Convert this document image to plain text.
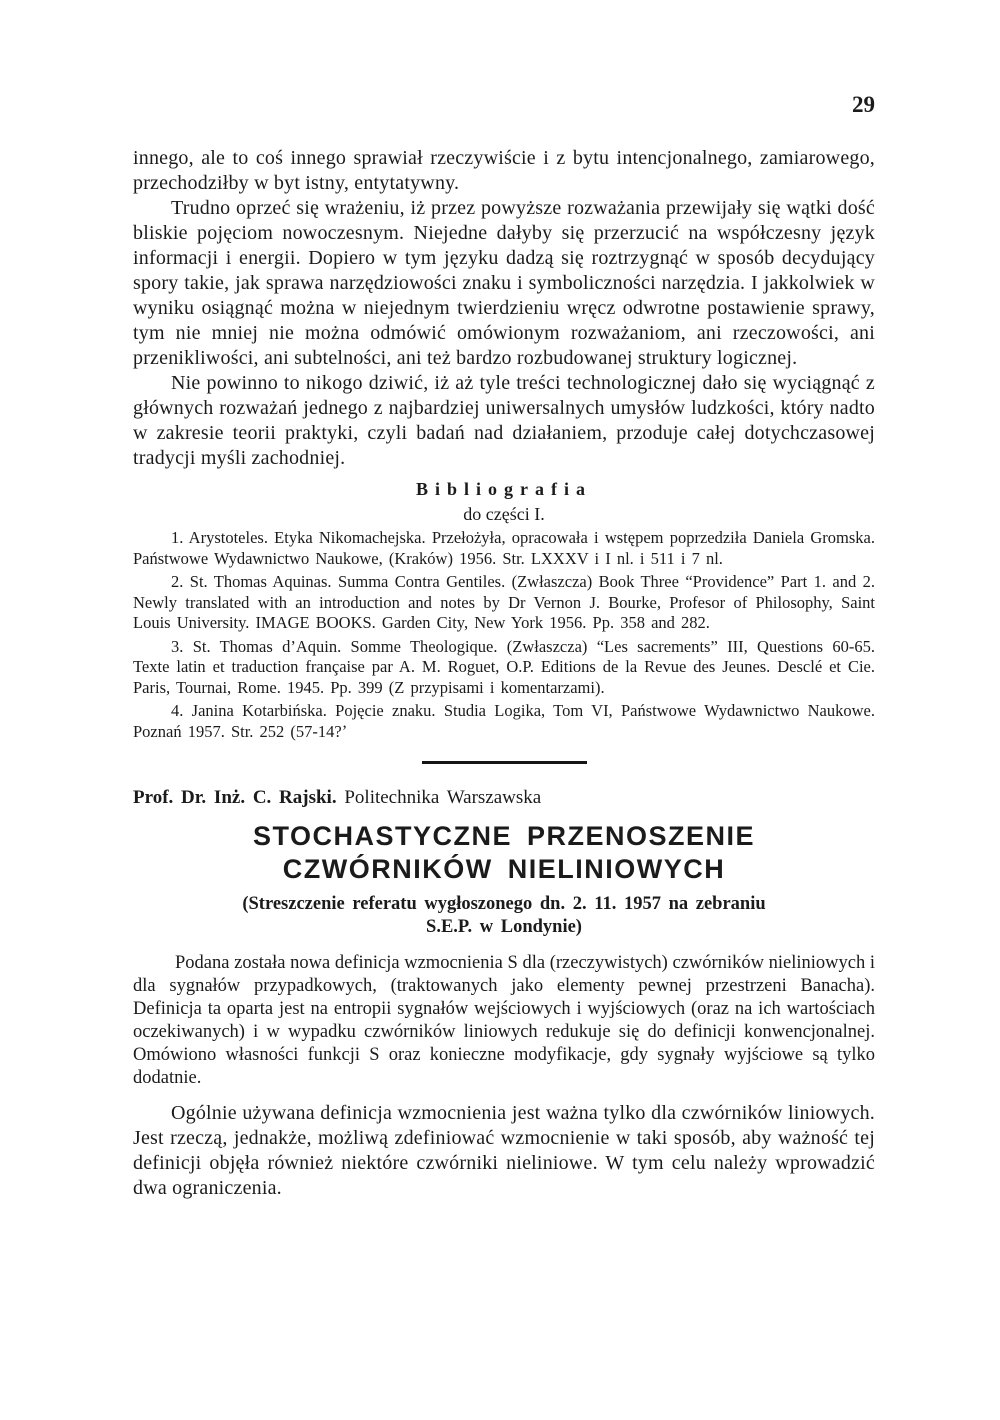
29

innego, ale to coś innego sprawiał rzeczywiście i z bytu intencjonalnego, zamiarowego, przechodziłby w byt istny, entytatywny.

Trudno oprzeć się wrażeniu, iż przez powyższe rozważania przewijały się wątki dość bliskie pojęciom nowoczesnym. Niejedne dałyby się przerzucić na współczesny język informacji i energii. Dopiero w tym języku dadzą się roztrzygnąć w sposób decydujący spory takie, jak sprawa narzędziowości znaku i symboliczności narzędzia. I jakkolwiek w wyniku osiągnąć można w niejednym twierdzieniu wręcz odwrotne postawienie sprawy, tym nie mniej nie można odmówić omówionym rozważaniom, ani rzeczowości, ani przenikliwości, ani subtelności, ani też bardzo rozbudowanej struktury logicznej.

Nie powinno to nikogo dziwić, iż aż tyle treści technologicznej dało się wyciągnąć z głównych rozważań jednego z najbardziej uniwersalnych umysłów ludzkości, który nadto w zakresie teorii praktyki, czyli badań nad działaniem, przoduje całej dotychczasowej tradycji myśli zachodniej.

Bibliografia
do części I.

1. Arystoteles. Etyka Nikomachejska. Przełożyła, opracowała i wstępem poprzedziła Daniela Gromska. Państwowe Wydawnictwo Naukowe, (Kraków) 1956. Str. LXXXV i I nl. i 511 i 7 nl.

2. St. Thomas Aquinas. Summa Contra Gentiles. (Zwłaszcza) Book Three “Providence” Part 1. and 2. Newly translated with an introduction and notes by Dr Vernon J. Bourke, Profesor of Philosophy, Saint Louis University. IMAGE BOOKS. Garden City, New York 1956. Pp. 358 and 282.

3. St. Thomas d’Aquin. Somme Theologique. (Zwłaszcza) “Les sacrements” III, Questions 60-65. Texte latin et traduction française par A. M. Roguet, O.P. Editions de la Revue des Jeunes. Desclé et Cie. Paris, Tournai, Rome. 1945. Pp. 399 (Z przypisami i komentarzami).

4. Janina Kotarbińska. Pojęcie znaku. Studia Logika, Tom VI, Państwowe Wydawnictwo Naukowe. Poznań 1957. Str. 252 (57-14?ʼ

Prof. Dr. Inż. C. Rajski. Politechnika Warszawska

STOCHASTYCZNE PRZENOSZENIE
CZWÓRNIKÓW NIELINIOWYCH
(Streszczenie referatu wygłoszonego dn. 2. 11. 1957 na zebraniu
S.E.P. w Londynie)

Podana została nowa definicja wzmocnienia S dla (rzeczywistych) czwórników nieliniowych i dla sygnałów przypadkowych, (traktowanych jako elementy pewnej przestrzeni Banacha). Definicja ta oparta jest na entropii sygnałów wejściowych i wyjściowych (oraz na ich wartościach oczekiwanych) i w wypadku czwórników liniowych redukuje się do definicji konwencjonalnej. Omówiono własności funkcji S oraz konieczne modyfikacje, gdy sygnały wyjściowe są tylko dodatnie.

Ogólnie używana definicja wzmocnienia jest ważna tylko dla czwórników liniowych. Jest rzeczą, jednakże, możliwą zdefiniować wzmocnienie w taki sposób, aby ważność tej definicji objęła również niektóre czwórniki nieliniowe. W tym celu należy wprowadzić dwa ograniczenia.
